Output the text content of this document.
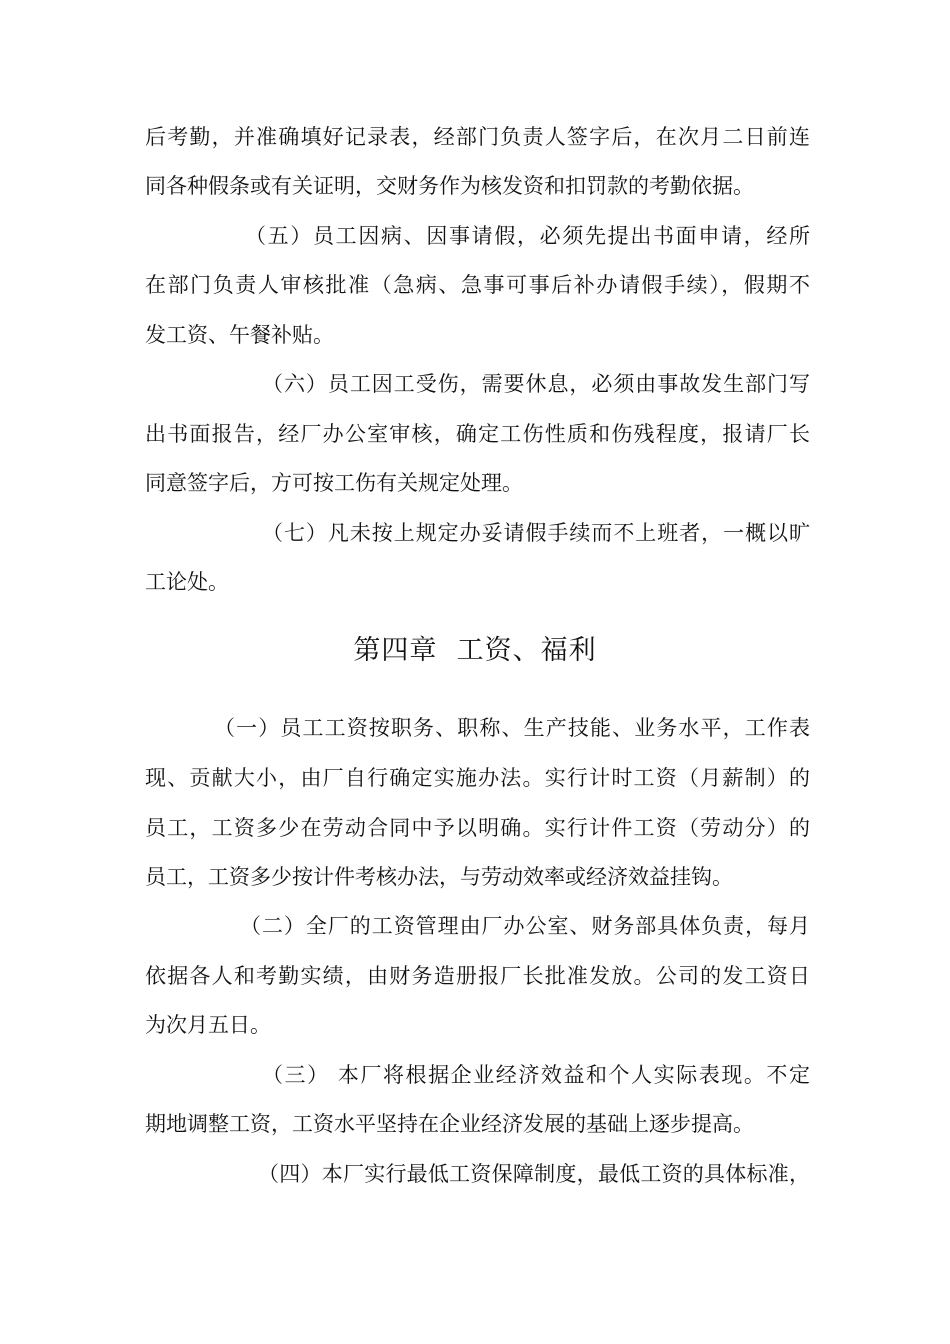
后考勤，并准确填好记录表，经部门负责人签字后，在次月二日前连
同各种假条或有关证明，交财务作为核发资和扣罚款的考勤依据。
（五）员工因病、因事请假，必须先提出书面申请，经所
在部门负责人审核批准（急病、急事可事后补办请假手续），假期不
发工资、午餐补贴。
（六）员工因工受伤，需要休息，必须由事故发生部门写
出书面报告，经厂办公室审核，确定工伤性质和伤残程度，报请厂长
同意签字后，方可按工伤有关规定处理。
（七）凡未按上规定办妥请假手续而不上班者，一概以旷
工论处。
第四章  工资、福利
（一）员工工资按职务、职称、生产技能、业务水平，工作表
现、贡献大小，由厂自行确定实施办法。实行计时工资（月薪制）的
员工，工资多少在劳动合同中予以明确。实行计件工资（劳动分）的
员工，工资多少按计件考核办法，与劳动效率或经济效益挂钩。
（二）全厂的工资管理由厂办公室、财务部具体负责，每月
依据各人和考勤实绩，由财务造册报厂长批准发放。公司的发工资日
为次月五日。
（三） 本厂将根据企业经济效益和个人实际表现。不定
期地调整工资，工资水平坚持在企业经济发展的基础上逐步提高。
（四）本厂实行最低工资保障制度，最低工资的具体标准，
